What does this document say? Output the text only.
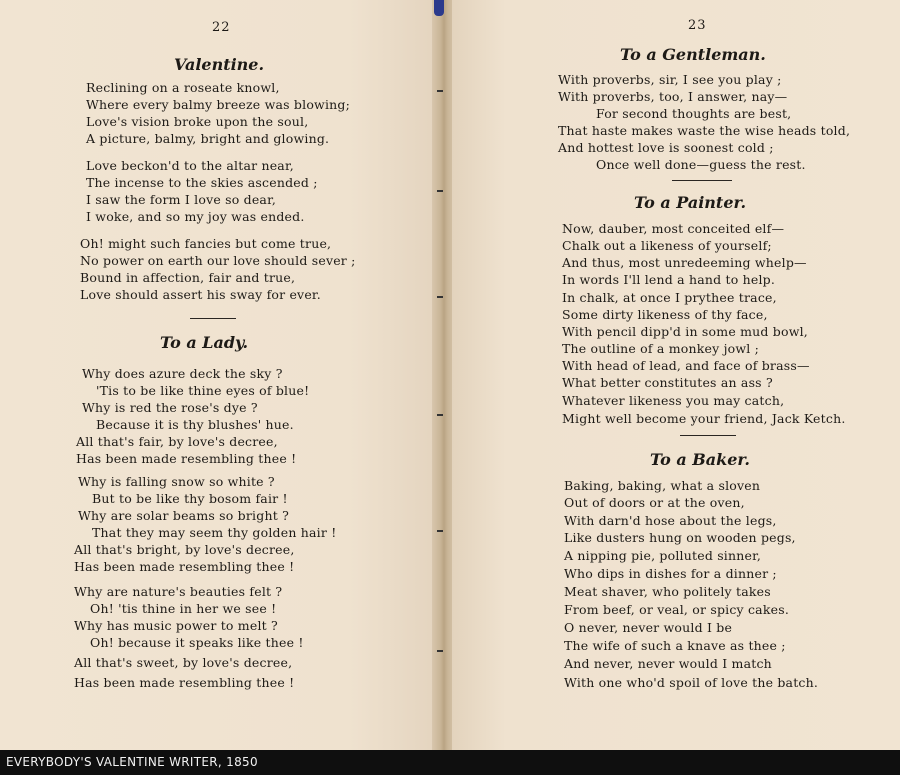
22
Valentine.
Reclining on a roseate knowl,
Where every balmy breeze was blowing;
Love's vision broke upon the soul,
A picture, balmy, bright and glowing.
Love beckon'd to the altar near,
The incense to the skies ascended ;
I saw the form I love so dear,
I woke, and so my joy was ended.
Oh! might such fancies but come true,
No power on earth our love should sever ;
Bound in affection, fair and true,
Love should assert his sway for ever.
To a Lady.
Why does azure deck the sky ?
'Tis to be like thine eyes of blue!
Why is red the rose's dye ?
Because it is thy blushes' hue.
All that's fair, by love's decree,
Has been made resembling thee !
Why is falling snow so white ?
But to be like thy bosom fair !
Why are solar beams so bright ?
That they may seem thy golden hair !
All that's bright, by love's decree,
Has been made resembling thee !
Why are nature's beauties felt ?
Oh! 'tis thine in her we see !
Why has music power to melt ?
Oh! because it speaks like thee !
All that's sweet, by love's decree,
Has been made resembling thee !
23
To a Gentleman.
With proverbs, sir, I see you play ;
With proverbs, too, I answer, nay—
For second thoughts are best,
That haste makes waste the wise heads told,
And hottest love is soonest cold ;
Once well done—guess the rest.
To a Painter.
Now, dauber, most conceited elf—
Chalk out a likeness of yourself;
And thus, most unredeeming whelp—
In words I'll lend a hand to help.
In chalk, at once I prythee trace,
Some dirty likeness of thy face,
With pencil dipp'd in some mud bowl,
The outline of a monkey jowl ;
With head of lead, and face of brass—
What better constitutes an ass ?
Whatever likeness you may catch,
Might well become your friend, Jack Ketch.
To a Baker.
Baking, baking, what a sloven
Out of doors or at the oven,
With darn'd hose about the legs,
Like dusters hung on wooden pegs,
A nipping pie, polluted sinner,
Who dips in dishes for a dinner ;
Meat shaver, who politely takes
From beef, or veal, or spicy cakes.
O never, never would I be
The wife of such a knave as thee ;
And never, never would I match
With one who'd spoil of love the batch.
EVERYBODY'S VALENTINE WRITER, 1850
